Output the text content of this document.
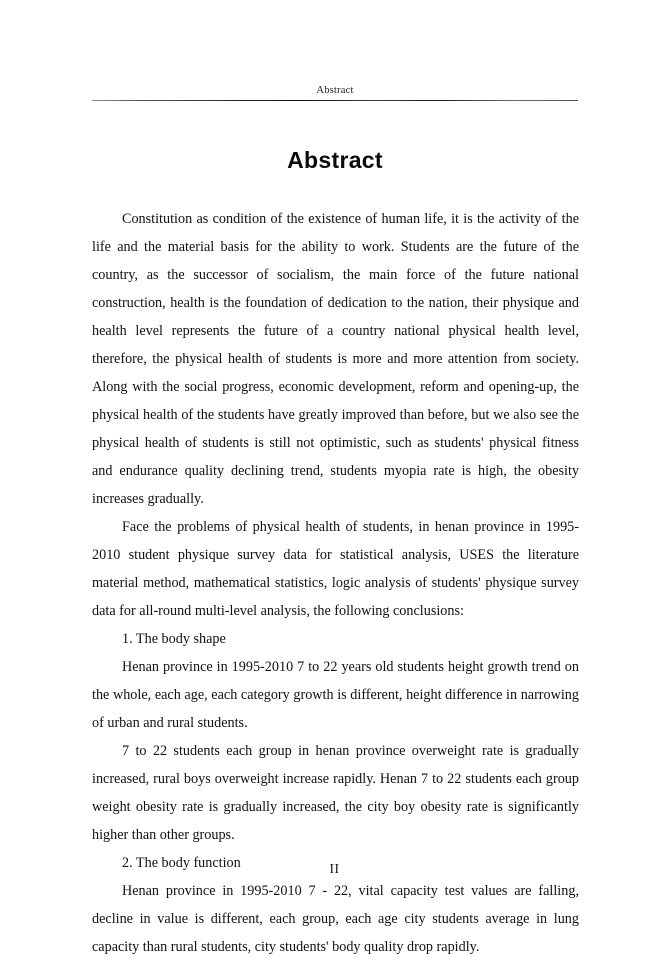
Abstract
Abstract

Constitution as condition of the existence of human life, it is the activity of the life and the material basis for the ability to work. Students are the future of the country, as the successor of socialism, the main force of the future national construction, health is the foundation of dedication to the nation, their physique and health level represents the future of a country national physical health level, therefore, the physical health of students is more and more attention from society. Along with the social progress, economic development, reform and opening-up, the physical health of the students have greatly improved than before, but we also see the physical health of students is still not optimistic, such as students' physical fitness and endurance quality declining trend, students myopia rate is high, the obesity increases gradually.

Face the problems of physical health of students, in henan province in 1995-2010 student physique survey data for statistical analysis, USES the literature material method, mathematical statistics, logic analysis of students' physique survey data for all-round multi-level analysis, the following conclusions:

1. The body shape

Henan province in 1995-2010 7 to 22 years old students height growth trend on the whole, each age, each category growth is different, height difference in narrowing of urban and rural students.

7 to 22 students each group in henan province overweight rate is gradually increased, rural boys overweight increase rapidly. Henan 7 to 22 students each group weight obesity rate is gradually increased, the city boy obesity rate is significantly higher than other groups.

2. The body function

Henan province in 1995-2010 7 - 22, vital capacity test values are falling, decline in value is different, each group, each age city students average in lung capacity than rural students, city students' body quality drop rapidly.

II
